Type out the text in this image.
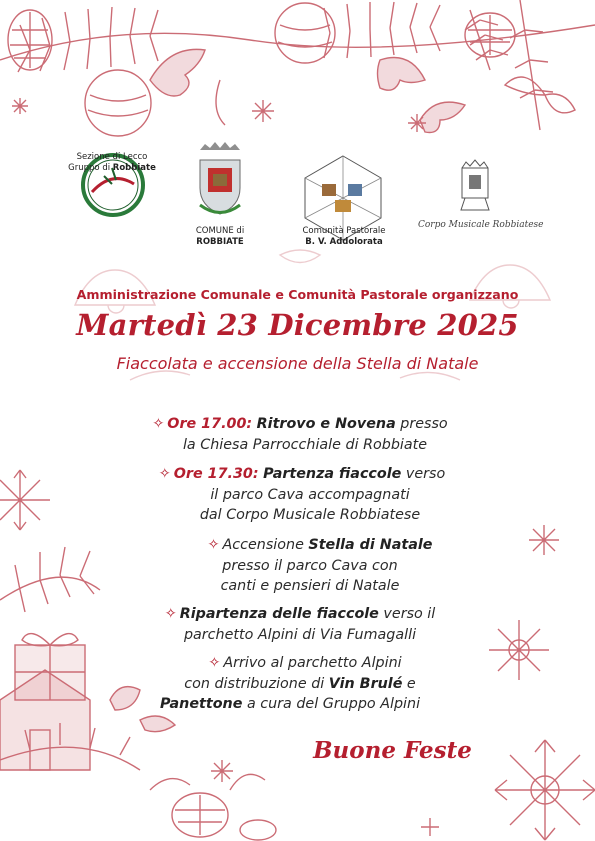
Sezione di Lecco
Gruppo di Robbiate
COMUNE di
ROBBIATE
Comunità Pastorale
B. V. Addolorata
Corpo Musicale Robbiatese
Amministrazione Comunale e Comunità Pastorale organizzano
Martedì 23 Dicembre 2025
Fiaccolata e accensione della Stella di Natale
✧ Ore 17.00: Ritrovo e Novena presso
la Chiesa Parrocchiale di Robbiate
✧ Ore 17.30: Partenza fiaccole verso
il parco Cava accompagnati
dal Corpo Musicale Robbiatese
✧ Accensione Stella di Natale
presso il parco Cava con
canti e pensieri di Natale
✧ Ripartenza delle fiaccole verso il
parchetto Alpini di Via Fumagalli
✧ Arrivo al parchetto Alpini
con distribuzione di Vin Brulé e
Panettone a cura del Gruppo Alpini
Buone Feste
